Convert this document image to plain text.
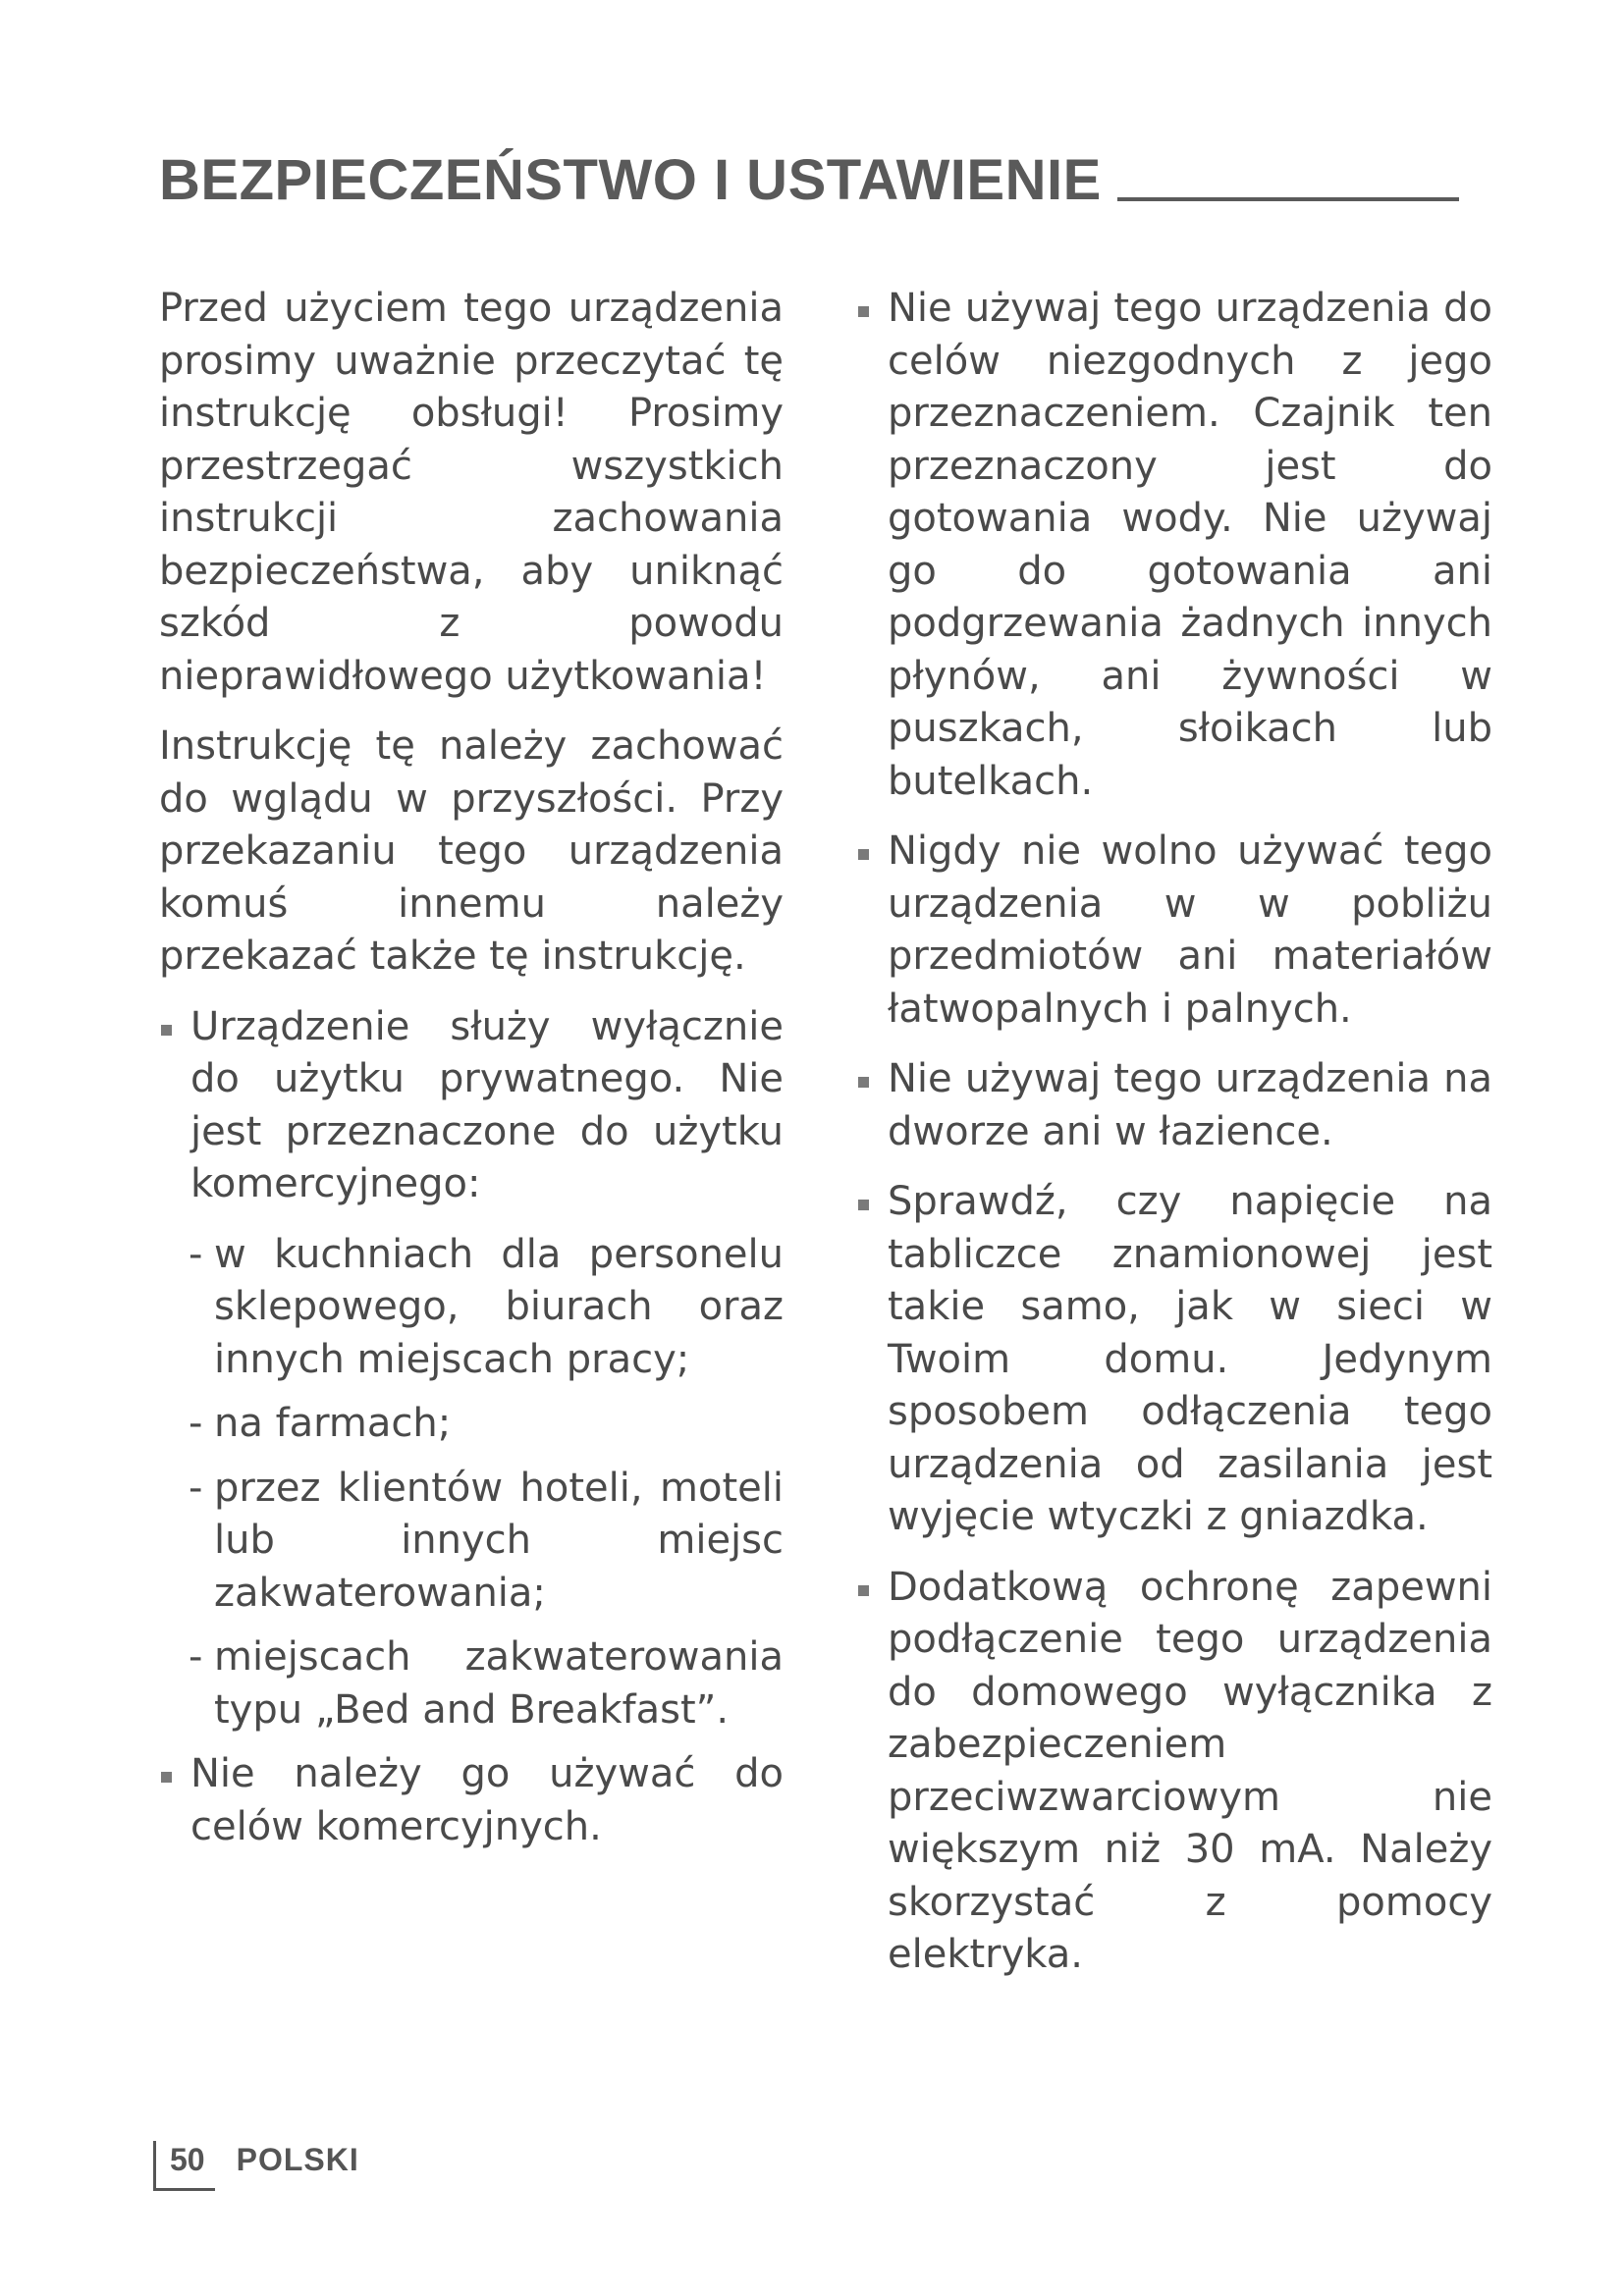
BEZPIECZEŃSTWO I USTAWIENIE

Przed użyciem tego urządzenia prosimy uważnie przeczytać tę instrukcję obsługi! Prosimy przestrzegać wszystkich instrukcji zachowania bezpieczeństwa, aby uniknąć szkód z powodu nieprawidłowego użytkowania!

Instrukcję tę należy zachować do wglądu w przyszłości. Przy przekazaniu tego urządzenia komuś innemu należy przekazać także tę instrukcję.

Urządzenie służy wyłącznie do użytku prywatnego. Nie jest przeznaczone do użytku komercyjnego:
- w kuchniach dla personelu sklepowego, biurach oraz innych miejscach pracy;
- na farmach;
- przez klientów hoteli, moteli lub innych miejsc zakwaterowania;
- miejscach zakwaterowania typu „Bed and Breakfast”.
Nie należy go używać do celów komercyjnych.
Nie używaj tego urządzenia do celów niezgodnych z jego przeznaczeniem. Czajnik ten przeznaczony jest do gotowania wody. Nie używaj go do gotowania ani podgrzewania żadnych innych płynów, ani żywności w puszkach, słoikach lub butelkach.
Nigdy nie wolno używać tego urządzenia w w pobliżu przedmiotów ani materiałów łatwopalnych i palnych.
Nie używaj tego urządzenia na dworze ani w łazience.
Sprawdź, czy napięcie na tabliczce znamionowej jest takie samo, jak w sieci w Twoim domu. Jedynym sposobem odłączenia tego urządzenia od zasilania jest wyjęcie wtyczki z gniazdka.
Dodatkową ochronę zapewni podłączenie tego urządzenia do domowego wyłącznika z zabezpieczeniem przeciwzwarciowym nie większym niż 30 mA. Należy skorzystać z pomocy elektryka.
50	POLSKI
